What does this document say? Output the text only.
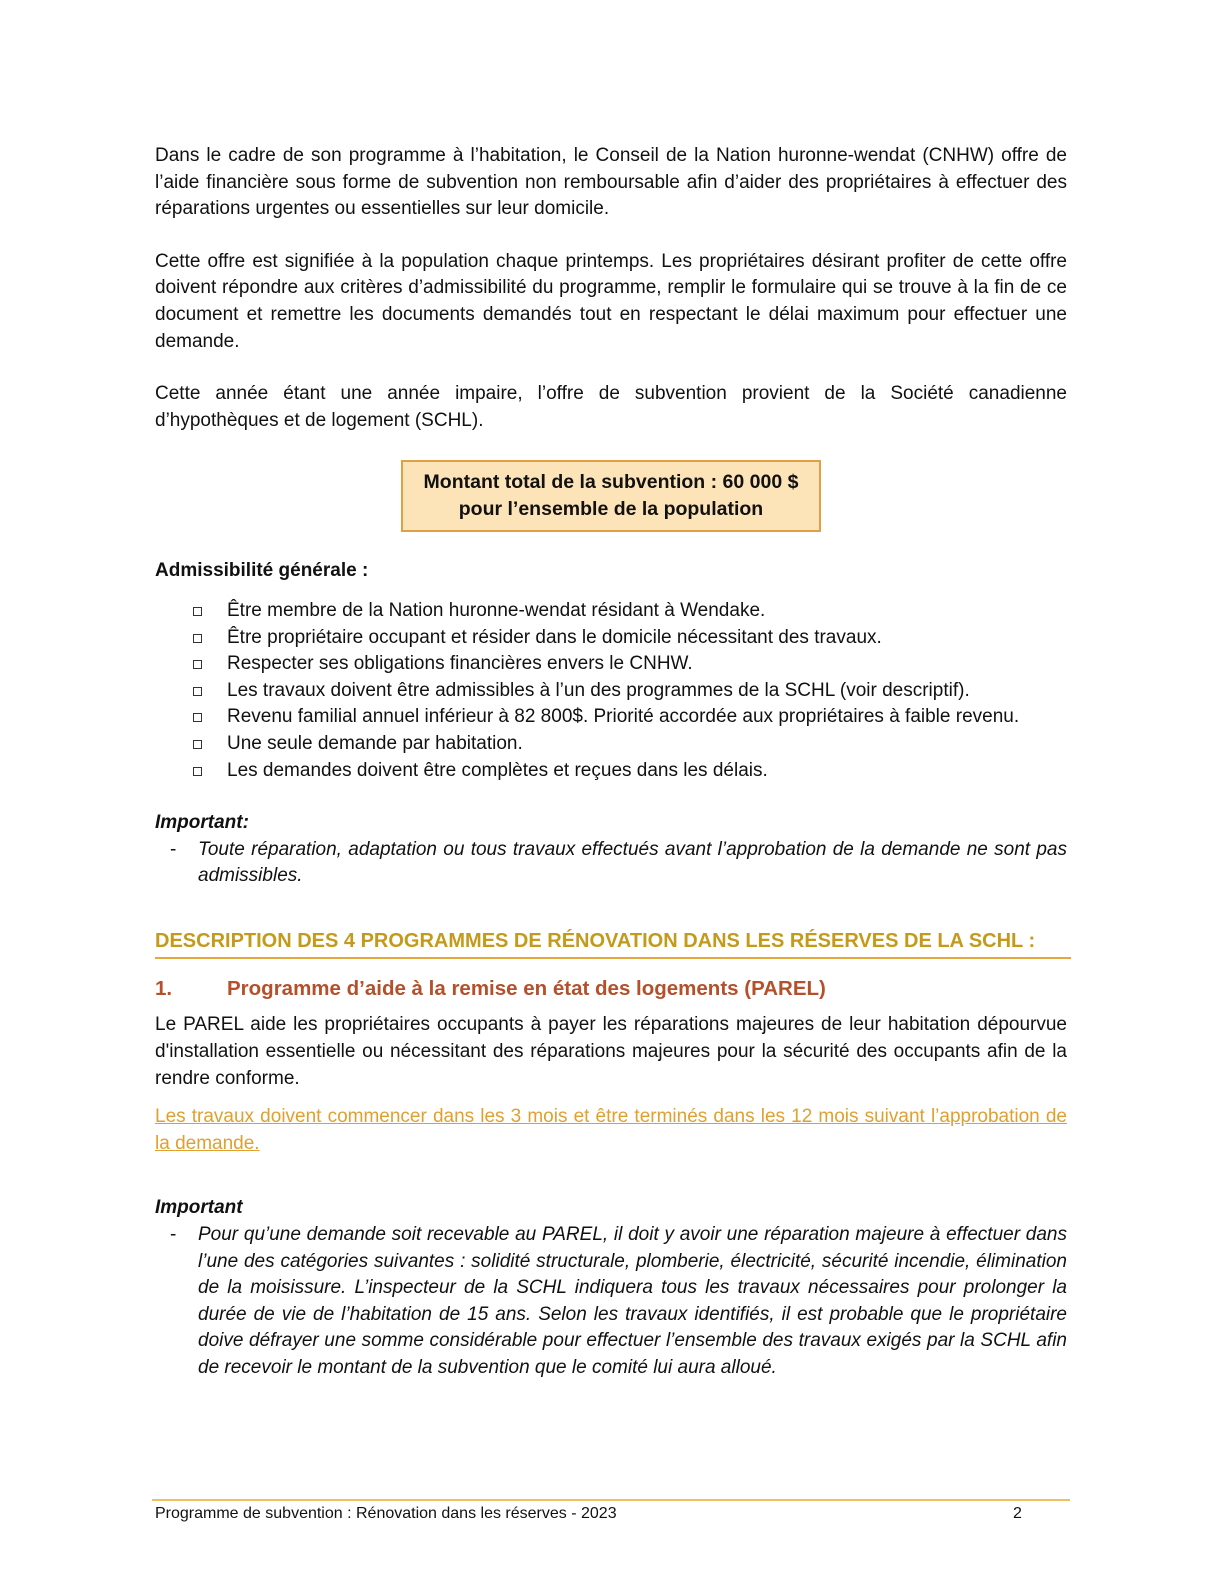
Dans le cadre de son programme à l’habitation, le Conseil de la Nation huronne-wendat (CNHW) offre de l’aide financière sous forme de subvention non remboursable afin d’aider des propriétaires à effectuer des réparations urgentes ou essentielles sur leur domicile.

Cette offre est signifiée à la population chaque printemps. Les propriétaires désirant profiter de cette offre doivent répondre aux critères d’admissibilité du programme, remplir le formulaire qui se trouve à la fin de ce document et remettre les documents demandés tout en respectant le délai maximum pour effectuer une demande.

Cette année étant une année impaire, l’offre de subvention provient de la Société canadienne d’hypothèques et de logement (SCHL).

Montant total de la subvention : 60 000 $
pour l’ensemble de la population

Admissibilité générale :

Être membre de la Nation huronne-wendat résidant à Wendake.
Être propriétaire occupant et résider dans le domicile nécessitant des travaux.
Respecter ses obligations financières envers le CNHW.
Les travaux doivent être admissibles à l’un des programmes de la SCHL (voir descriptif).
Revenu familial annuel inférieur à 82 800$. Priorité accordée aux propriétaires à faible revenu.
Une seule demande par habitation.
Les demandes doivent être complètes et reçues dans les délais.

Important:

- Toute réparation, adaptation ou tous travaux effectués avant l’approbation de la demande ne sont pas admissibles.
DESCRIPTION DES 4 PROGRAMMES DE RÉNOVATION DANS LES RÉSERVES DE LA SCHL :
1.	Programme d’aide à la remise en état des logements (PAREL)

Le PAREL aide les propriétaires occupants à payer les réparations majeures de leur habitation dépourvue d'installation essentielle ou nécessitant des réparations majeures pour la sécurité des occupants afin de la rendre conforme.

Les travaux doivent commencer dans les 3 mois et être terminés dans les 12 mois suivant l’approbation de la demande.

Important

- Pour qu’une demande soit recevable au PAREL, il doit y avoir une réparation majeure à effectuer dans l’une des catégories suivantes : solidité structurale, plomberie, électricité, sécurité incendie, élimination de la moisissure. L’inspecteur de la SCHL indiquera tous les travaux nécessaires pour prolonger la durée de vie de l’habitation de 15 ans. Selon les travaux identifiés, il est probable que le propriétaire doive défrayer une somme considérable pour effectuer l’ensemble des travaux exigés par la SCHL afin de recevoir le montant de la subvention que le comité lui aura alloué.
Programme de subvention : Rénovation dans les réserves - 2023	2
